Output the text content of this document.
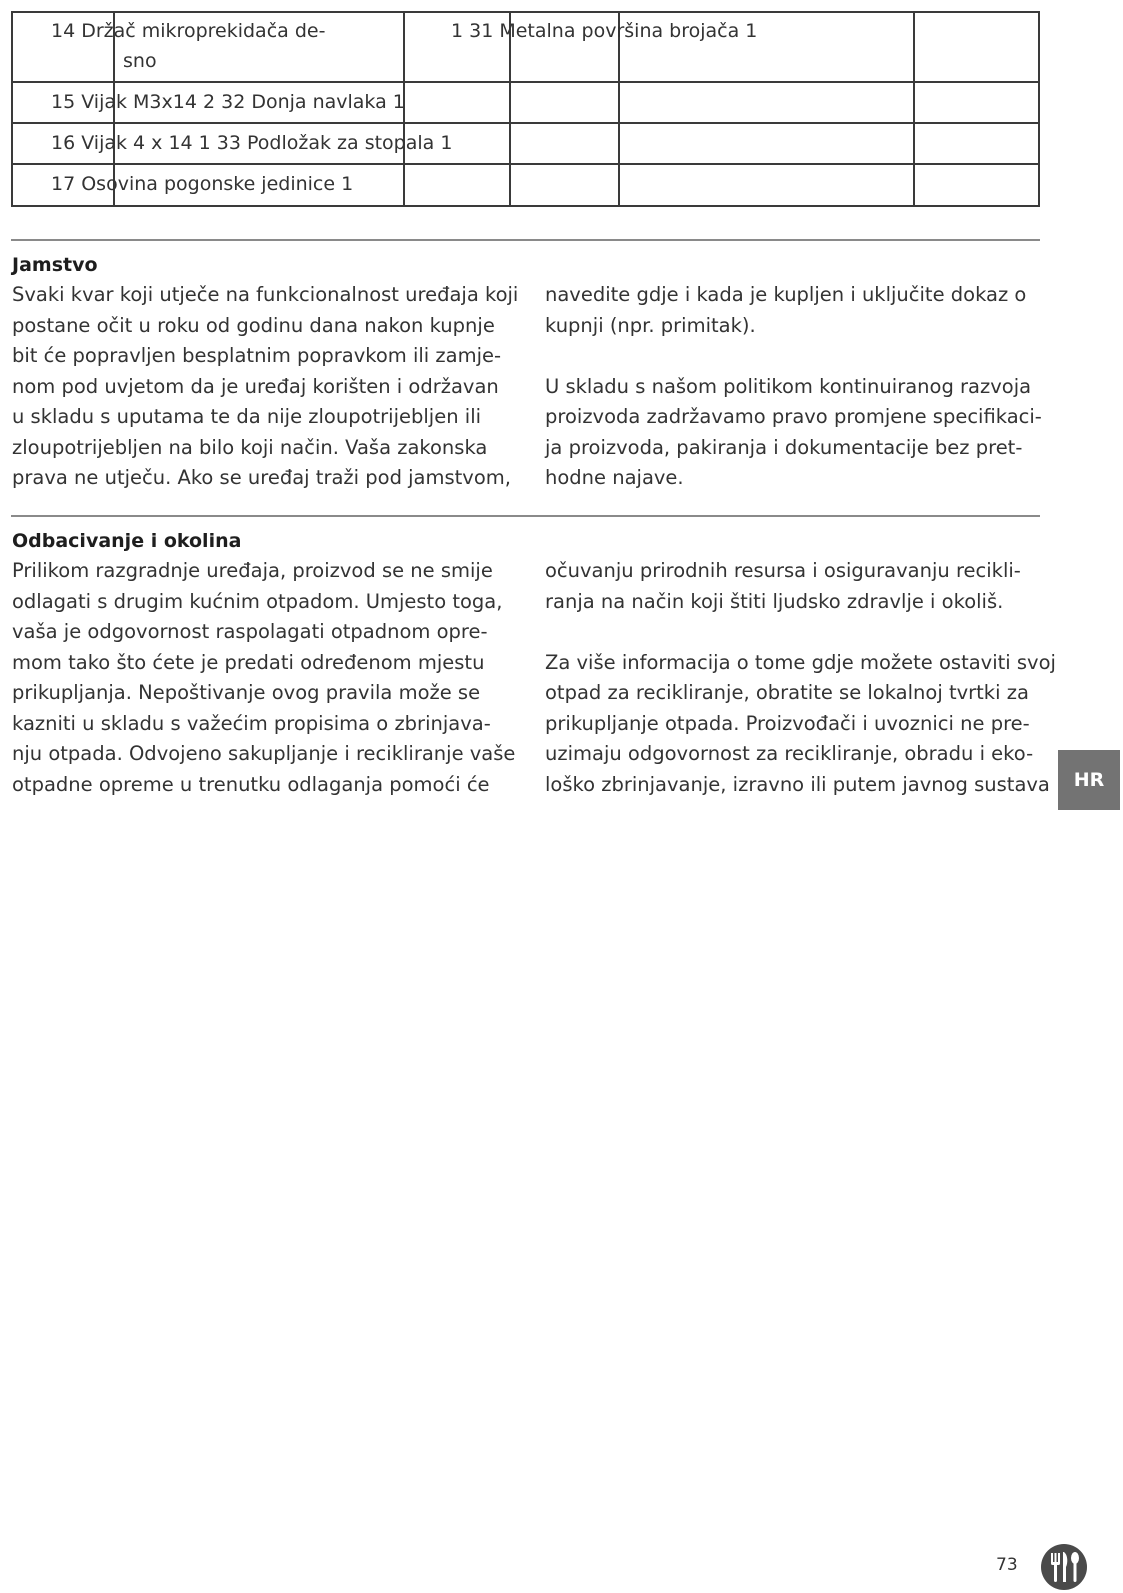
14 Držač mikroprekidača de-
sno
1 31 Metalna površina brojača 1
15 Vijak M3x14 2 32 Donja navlaka 1
16 Vijak 4 x 14 1 33 Podložak za stopala 1
17 Osovina pogonske jedinice 1
Jamstvo
Svaki kvar koji utječe na funkcionalnost uređaja koji
postane očit u roku od godinu dana nakon kupnje
bit će popravljen besplatnim popravkom ili zamje-
nom pod uvjetom da je uređaj korišten i održavan
u skladu s uputama te da nije zloupotrijebljen ili
zloupotrijebljen na bilo koji način. Vaša zakonska
prava ne utječu. Ako se uređaj traži pod jamstvom,
navedite gdje i kada je kupljen i uključite dokaz o
kupnji (npr. primitak).
U skladu s našom politikom kontinuiranog razvoja
proizvoda zadržavamo pravo promjene specifikaci-
ja proizvoda, pakiranja i dokumentacije bez pret-
hodne najave.
Odbacivanje i okolina
Prilikom razgradnje uređaja, proizvod se ne smije
odlagati s drugim kućnim otpadom. Umjesto toga,
vaša je odgovornost raspolagati otpadnom opre-
mom tako što ćete je predati određenom mjestu
prikupljanja. Nepoštivanje ovog pravila može se
kazniti u skladu s važećim propisima o zbrinjava-
nju otpada. Odvojeno sakupljanje i recikliranje vaše
otpadne opreme u trenutku odlaganja pomoći će
očuvanju prirodnih resursa i osiguravanju recikli-
ranja na način koji štiti ljudsko zdravlje i okoliš.
Za više informacija o tome gdje možete ostaviti svoj
otpad za recikliranje, obratite se lokalnoj tvrtki za
prikupljanje otpada. Proizvođači i uvoznici ne pre-
uzimaju odgovornost za recikliranje, obradu i eko-
loško zbrinjavanje, izravno ili putem javnog sustava	HR
73
